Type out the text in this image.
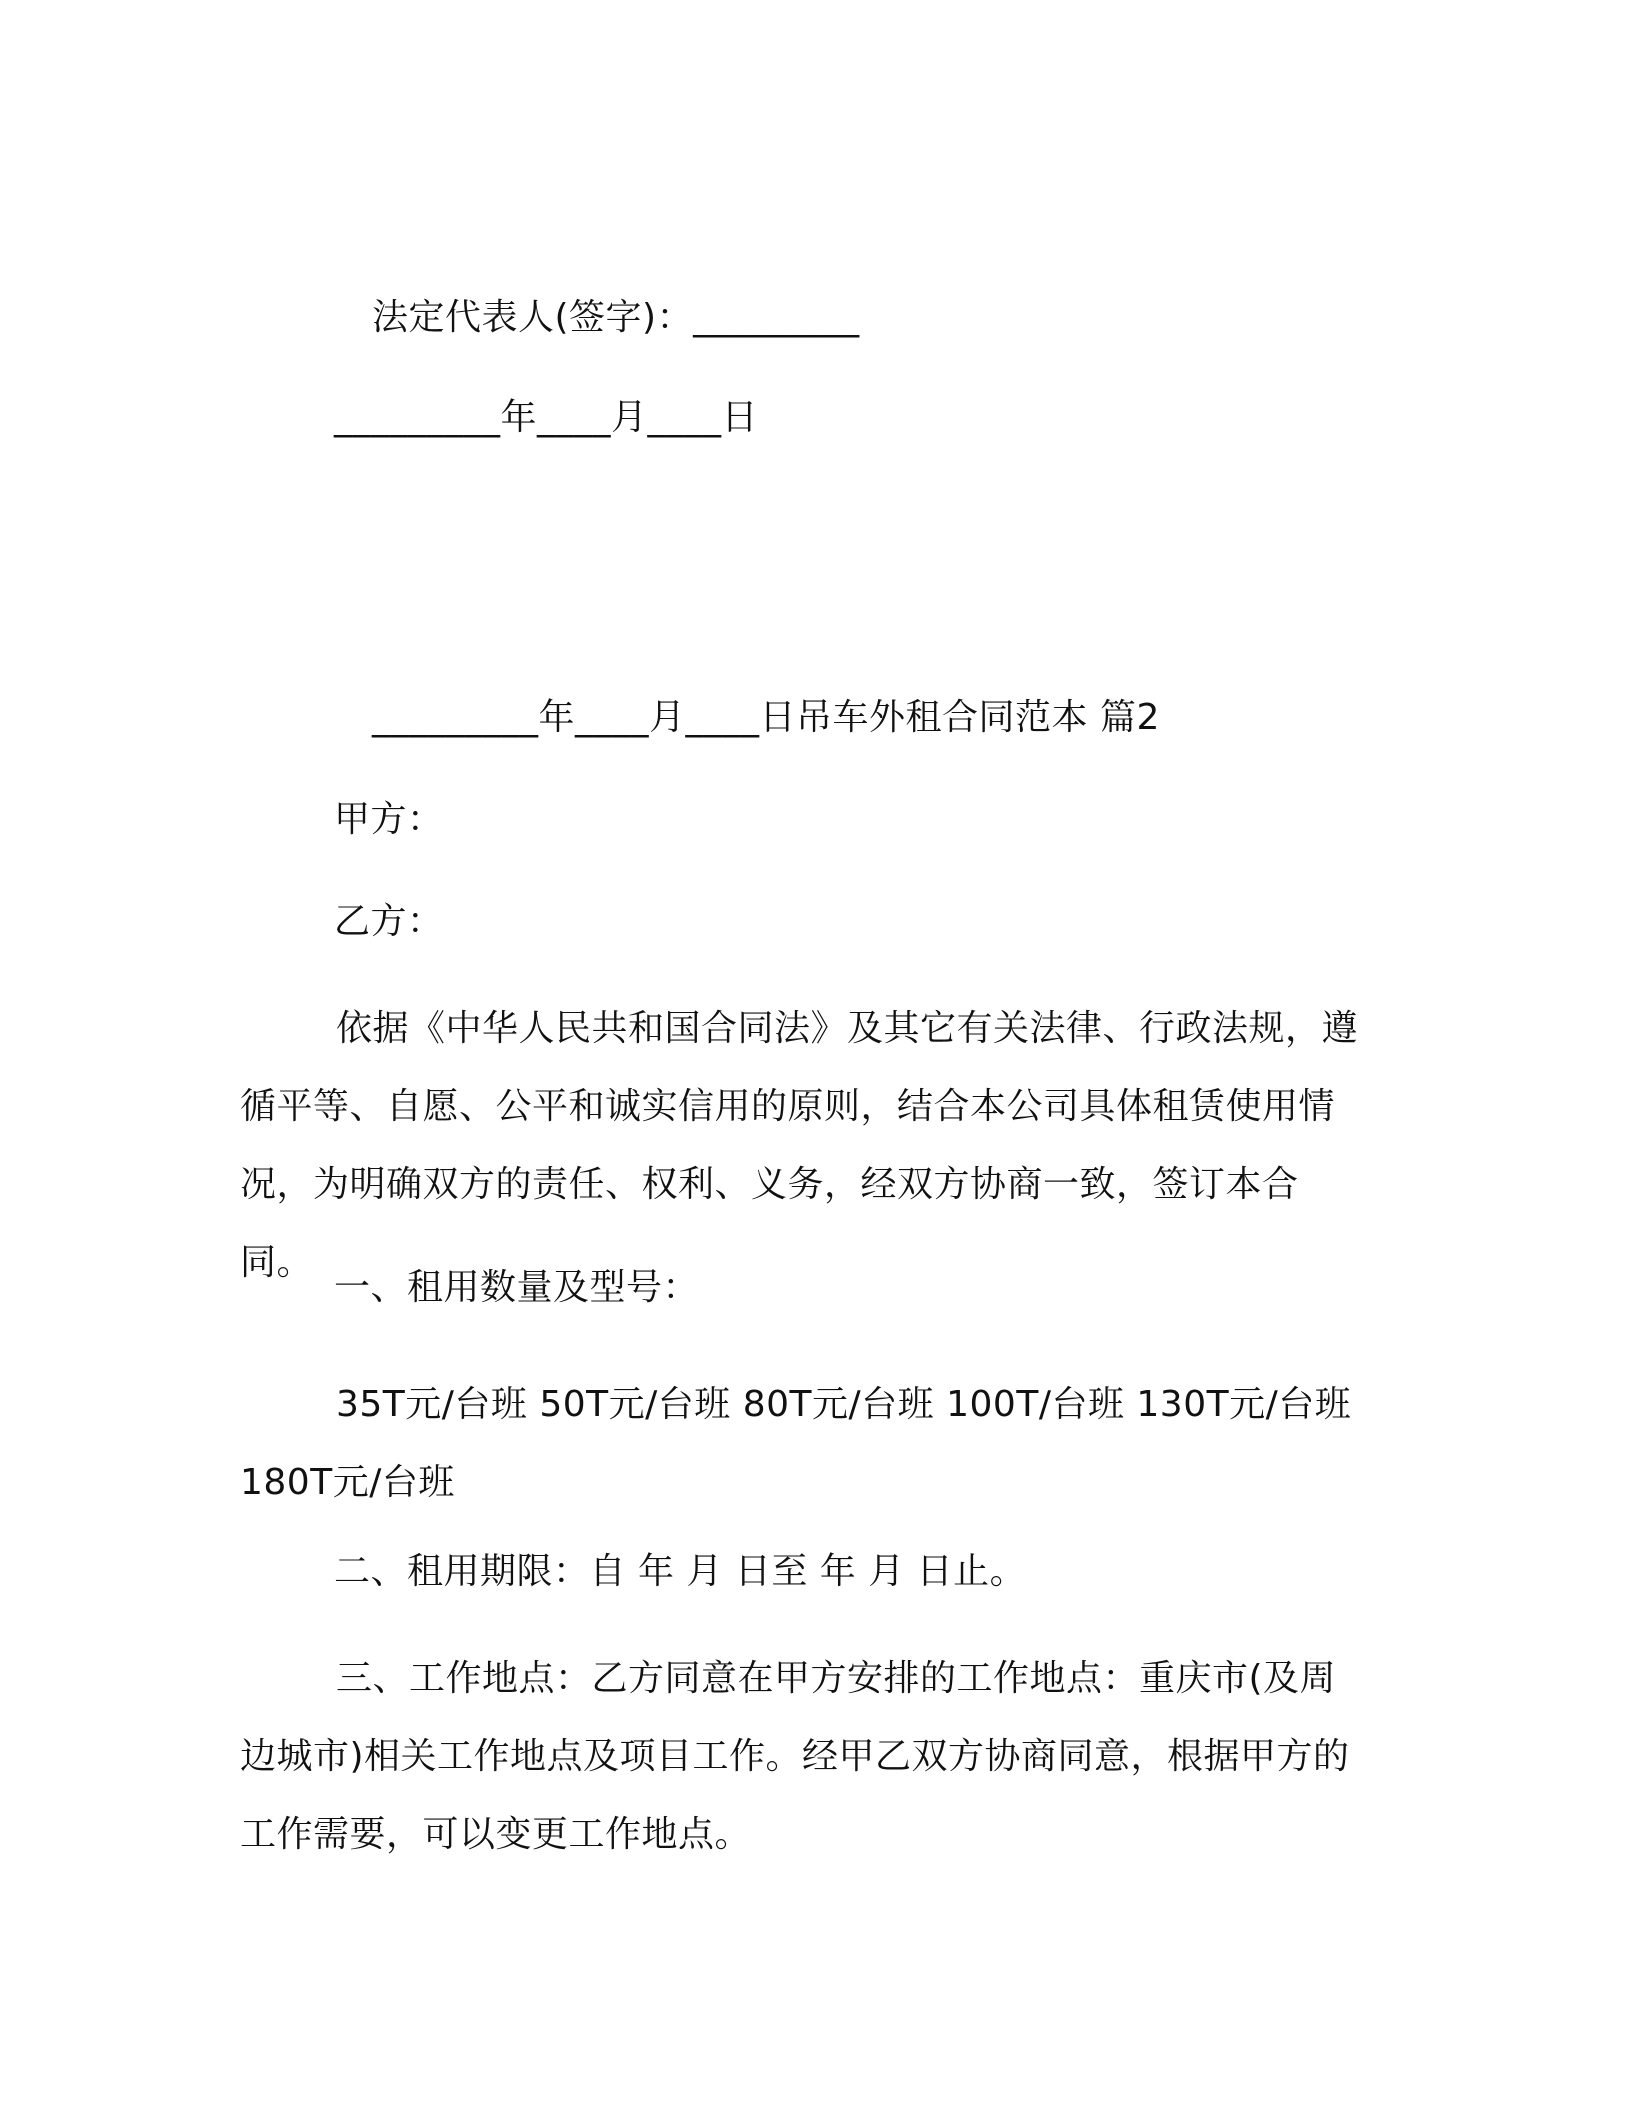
法定代表人(签字)：_________
_________年____月____日
_________年____月____日吊车外租合同范本 篇2
甲方：
乙方：
依据《中华人民共和国合同法》及其它有关法律、行政法规，遵循平等、自愿、公平和诚实信用的原则，结合本公司具体租赁使用情况，为明确双方的责任、权利、义务，经双方协商一致，签订本合同。
一、租用数量及型号：
35T元/台班 50T元/台班 80T元/台班 100T/台班 130T元/台班 180T元/台班
二、租用期限：自 年 月 日至 年 月 日止。
三、工作地点：乙方同意在甲方安排的工作地点：重庆市(及周边城市)相关工作地点及项目工作。经甲乙双方协商同意，根据甲方的工作需要，可以变更工作地点。
